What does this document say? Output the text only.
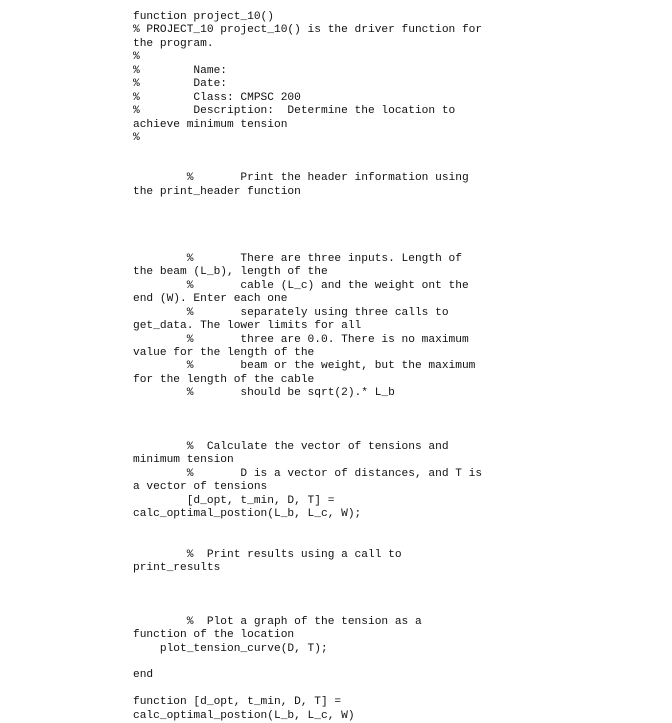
function project_10()
% PROJECT_10 project_10() is the driver function for
the program.
%
%        Name:
%        Date:
%        Class: CMPSC 200
%        Description:  Determine the location to
achieve minimum tension
%
%       Print the header information using
the print_header function
%       There are three inputs. Length of
the beam (L_b), length of the
%       cable (L_c) and the weight ont the
end (W). Enter each one
%       separately using three calls to
get_data. The lower limits for all
%       three are 0.0. There is no maximum
value for the length of the
%       beam or the weight, but the maximum
for the length of the cable
%       should be sqrt(2).* L_b
%  Calculate the vector of tensions and
minimum tension
%       D is a vector of distances, and T is
a vector of tensions
[d_opt, t_min, D, T] =
calc_optimal_postion(L_b, L_c, W);
%  Print results using a call to
print_results
%  Plot a graph of the tension as a
function of the location
plot_tension_curve(D, T);
end
function [d_opt, t_min, D, T] =
calc_optimal_postion(L_b, L_c, W)
